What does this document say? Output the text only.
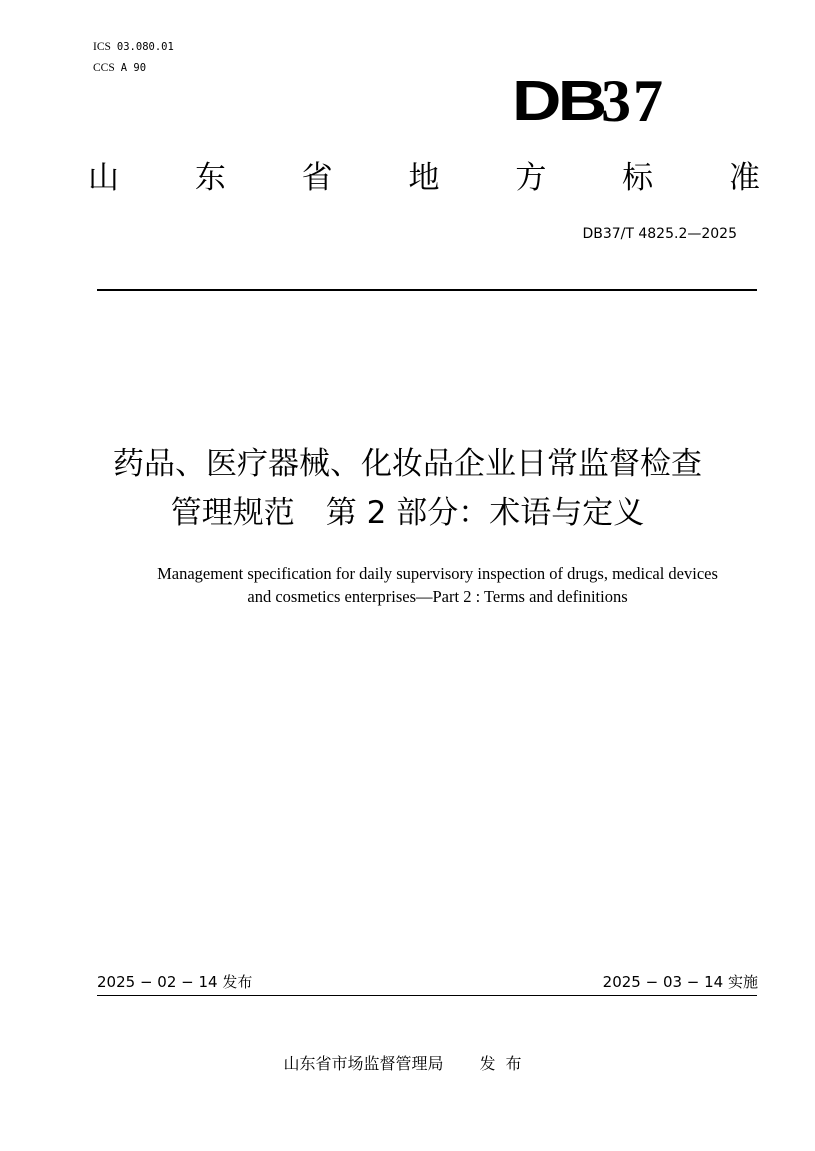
ICS 03.080.01
CCS A 90
DB
37
山 东 省 地 方 标 准
DB37/T 4825.2—2025
药品、医疗器械、化妆品企业日常监督检查
管理规范　第 2 部分：术语与定义
Management specification for daily supervisory inspection of drugs, medical devices
and cosmetics enterprises—Part 2 : Terms and definitions
2025 − 02 − 14 发布	2025 − 03 − 14 实施
山东省市场监督管理局 发布
